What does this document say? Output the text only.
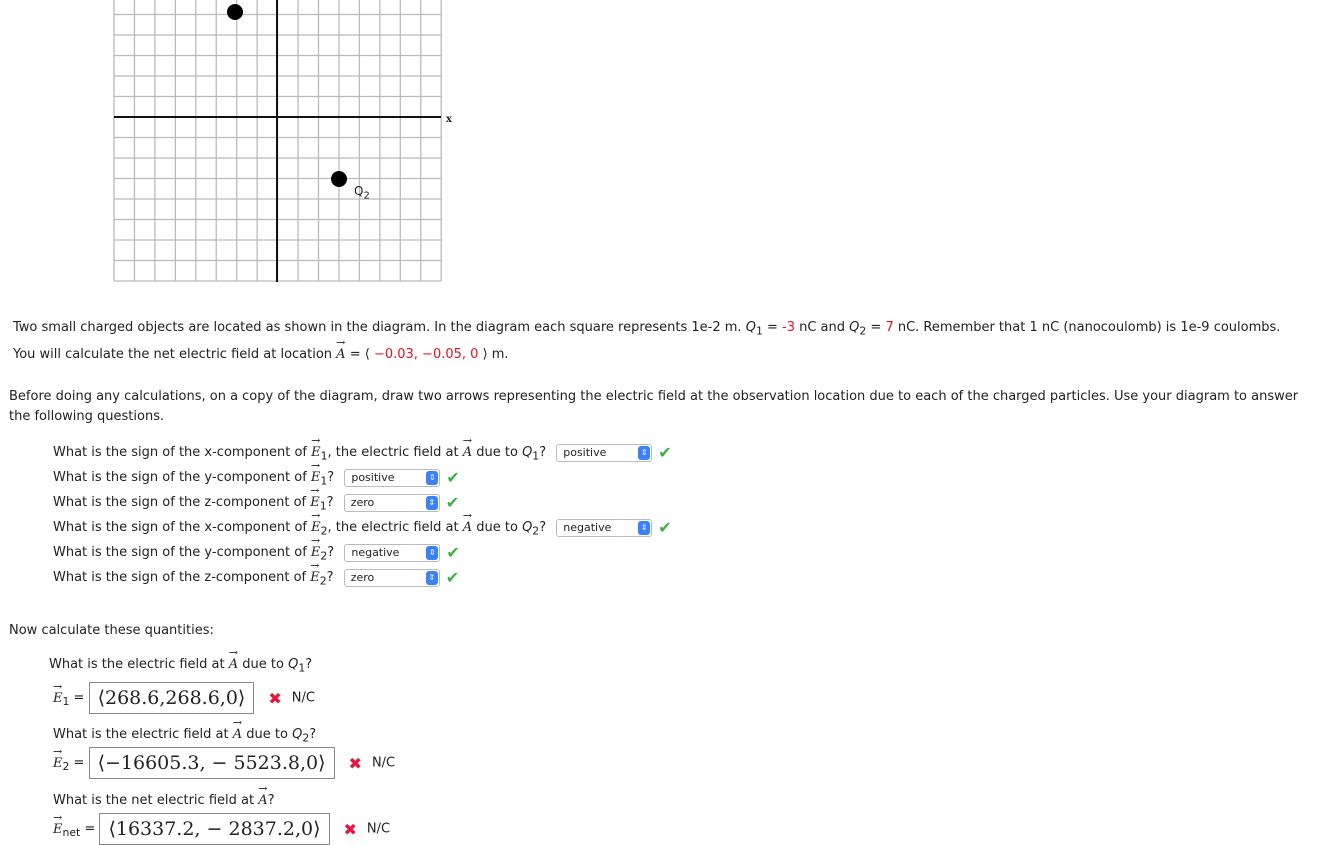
x
$Q_2$
Two small charged objects are located as shown in the diagram. In the diagram each square represents 1e-2 m. $Q_1 = -3$ nC and $Q_2 = 7$ nC. Remember that 1 nC (nanocoulomb) is 1e-9 coulombs.
You will calculate the net electric field at location → A = ⟨ −0.03, −0.05, 0 ⟩ m.
Before doing any calculations, on a copy of the diagram, draw two arrows representing the electric field at the observation location due to each of the charged particles. Use your diagram to answer the following questions.
What is the sign of the x-component of → $E_1$, the electric field at → A due to $Q_1$? positive	⇕ ✔
What is the sign of the y-component of → $E_1$? positive	⇕ ✔
What is the sign of the z-component of → $E_1$? zero	⇕ ✔
What is the sign of the x-component of → $E_2$, the electric field at → A due to $Q_2$? negative	⇕ ✔
What is the sign of the y-component of → $E_2$? negative	⇕ ✔
What is the sign of the z-component of → $E_2$? zero	⇕ ✔
Now calculate these quantities:
What is the electric field at → A due to $Q_1$?
→ $E_1$ = ⟨268.6,268.6,0⟩ ✖ N/C
What is the electric field at → A due to $Q_2$?
→ $E_2$ = ⟨−16605.3, − 5523.8,0⟩ ✖ N/C
What is the net electric field at → A?
→ $E_{net}$ = ⟨16337.2, − 2837.2,0⟩ ✖ N/C
